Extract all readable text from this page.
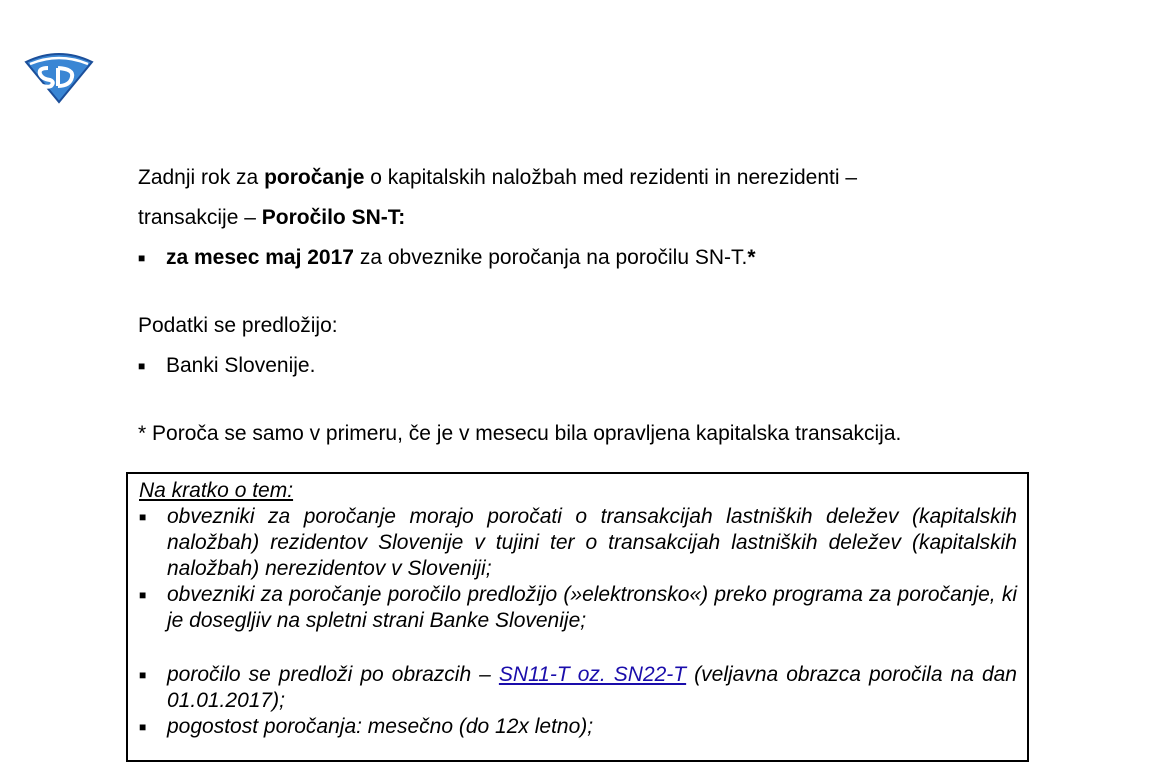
Zadnji rok za poročanje o kapitalskih naložbah med rezidenti in nerezidenti –
transakcije – Poročilo SN-T:

■ za mesec maj 2017 za obveznike poročanja na poročilu SN-T.*

Podatki se predložijo:

■ Banki Slovenije.

* Poroča se samo v primeru, če je v mesecu bila opravljena kapitalska transakcija.

Na kratko o tem:

■ obvezniki za poročanje morajo poročati o transakcijah lastniških deležev (kapitalskih naložbah) rezidentov Slovenije v tujini ter o transakcijah lastniških deležev (kapitalskih naložbah) nerezidentov v Sloveniji;
■ obvezniki za poročanje poročilo predložijo (»elektronsko«) preko programa za poročanje, ki je dosegljiv na spletni strani Banke Slovenije;
■ poročilo se predloži po obrazcih – SN11-T oz. SN22-T (veljavna obrazca poročila na dan 01.01.2017);
■ pogostost poročanja: mesečno (do 12x letno);
